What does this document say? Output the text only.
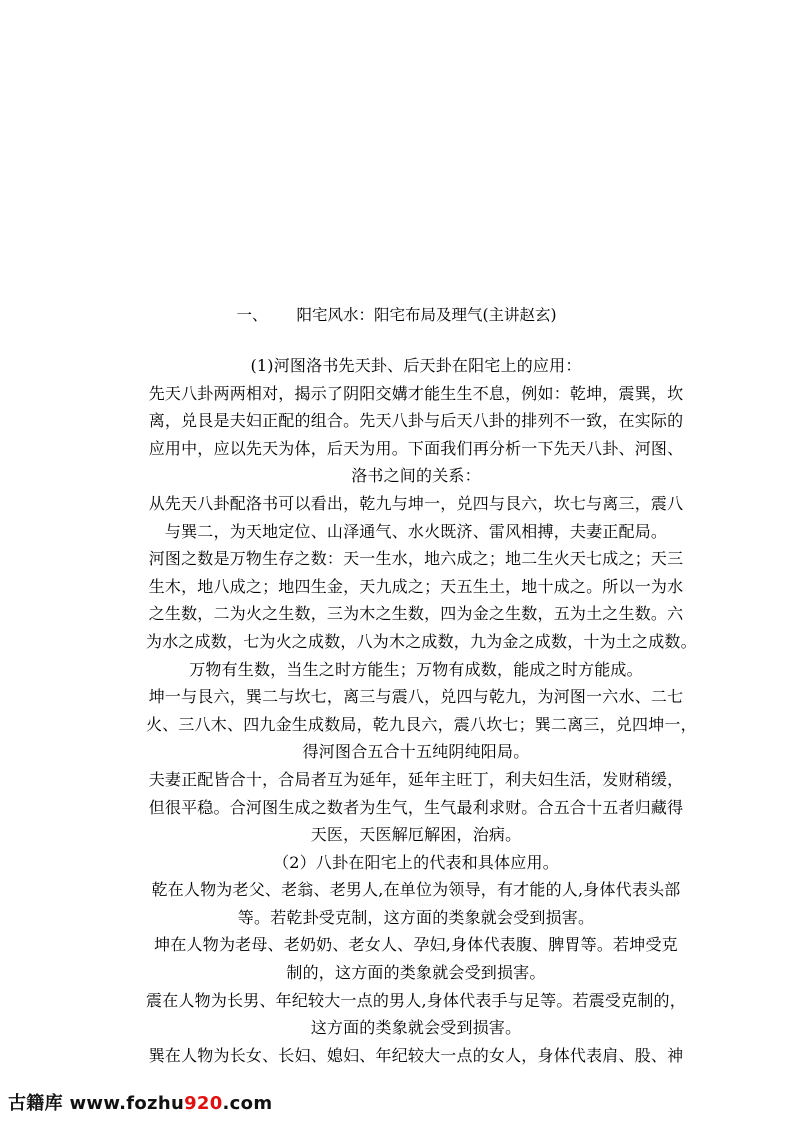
一、 阳宅风水：阳宅布局及理气(主讲赵玄)

(1)河图洛书先天卦、后天卦在阳宅上的应用：

先天八卦两两相对，揭示了阴阳交媾才能生生不息，例如：乾坤，震巽，坎

离，兑艮是夫妇正配的组合。先天八卦与后天八卦的排列不一致，在实际的

应用中，应以先天为体，后天为用。下面我们再分析一下先天八卦、河图、

洛书之间的关系：

从先天八卦配洛书可以看出，乾九与坤一，兑四与艮六，坎七与离三，震八

与巽二，为天地定位、山泽通气、水火既济、雷风相搏，夫妻正配局。

河图之数是万物生存之数：天一生水，地六成之；地二生火天七成之；天三

生木，地八成之；地四生金，天九成之；天五生土，地十成之。所以一为水

之生数，二为火之生数，三为木之生数，四为金之生数，五为土之生数。六

为水之成数，七为火之成数，八为木之成数，九为金之成数，十为土之成数。

万物有生数，当生之时方能生；万物有成数，能成之时方能成。

坤一与艮六，巽二与坎七，离三与震八，兑四与乾九，为河图一六水、二七

火、三八木、四九金生成数局，乾九艮六，震八坎七；巽二离三，兑四坤一，

得河图合五合十五纯阴纯阳局。

夫妻正配皆合十，合局者互为延年，延年主旺丁，利夫妇生活，发财稍缓，

但很平稳。合河图生成之数者为生气，生气最利求财。合五合十五者归藏得

天医，天医解厄解困，治病。

（2）八卦在阳宅上的代表和具体应用。

乾在人物为老父、老翁、老男人,在单位为领导，有才能的人,身体代表头部

等。若乾卦受克制，这方面的类象就会受到损害。

坤在人物为老母、老奶奶、老女人、孕妇,身体代表腹、脾胃等。若坤受克

制的，这方面的类象就会受到损害。

震在人物为长男、年纪较大一点的男人,身体代表手与足等。若震受克制的，

这方面的类象就会受到损害。

巽在人物为长女、长妇、媳妇、年纪较大一点的女人，身体代表肩、股、神

古籍库 www.fozhu920.com
